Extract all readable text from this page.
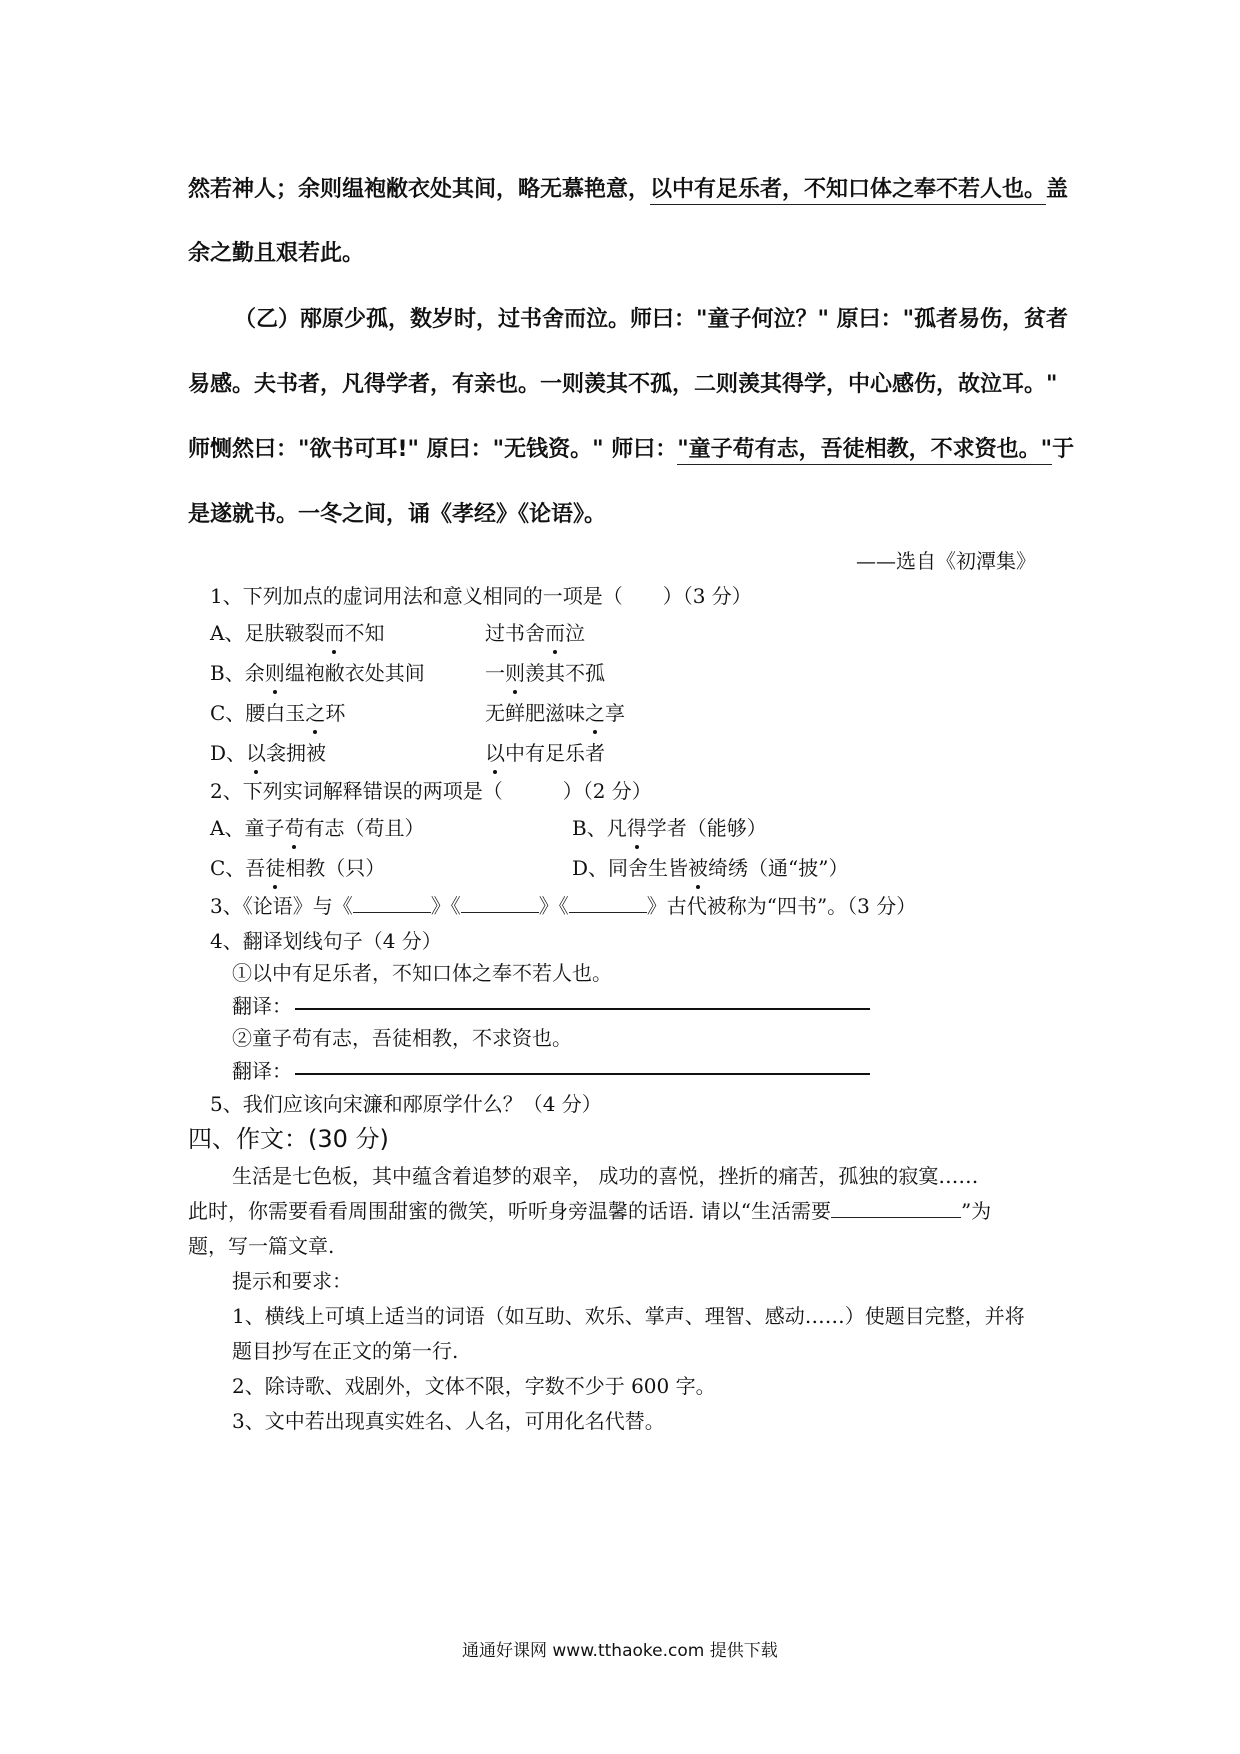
然若神人；余则缊袍敝衣处其间，略无慕艳意，以中有足乐者，不知口体之奉不若人也。盖
余之勤且艰若此。
（乙）邴原少孤，数岁时，过书舍而泣。师曰："童子何泣？" 原曰："孤者易伤，贫者
易感。夫书者，凡得学者，有亲也。一则羡其不孤，二则羡其得学，中心感伤，故泣耳。"
师恻然曰："欲书可耳!" 原曰："无钱资。" 师曰："童子苟有志，吾徒相教，不求资也。"于
是遂就书。一冬之间，诵《孝经》《论语》。
——选自《初潭集》
1、下列加点的虚词用法和意义相同的一项是（　　）（3 分）
A、足肤皲裂而不知	过书舍而泣
B、余则缊袍敝衣处其间	一则羡其不孤
C、腰白玉之环	无鲜肥滋味之享
D、以衾拥被	以中有足乐者
2、下列实词解释错误的两项是（　　　）（2 分）
A、童子苟有志（苟且）	B、凡得学者（能够）
C、吾徒相教（只）	D、同舍生皆被绮绣（通“披”）
3、《论语》与《	》《	》《	》古代被称为“四书”。（3 分）
4、翻译划线句子（4 分）
①以中有足乐者，不知口体之奉不若人也。
翻译：
②童子苟有志，吾徒相教，不求资也。
翻译：
5、我们应该向宋濂和邴原学什么？（4 分）
四、作文：(30 分)
生活是七色板，其中蕴含着追梦的艰辛， 成功的喜悦，挫折的痛苦，孤独的寂寞……
此时，你需要看看周围甜蜜的微笑，听听身旁温馨的话语. 请以“生活需要	”为
题，写一篇文章.
提示和要求：
1、横线上可填上适当的词语（如互助、欢乐、掌声、理智、感动……）使题目完整，并将
题目抄写在正文的第一行.
2、除诗歌、戏剧外，文体不限，字数不少于 600 字。
3、文中若出现真实姓名、人名，可用化名代替。
通通好课网 www.tthaoke.com 提供下载
